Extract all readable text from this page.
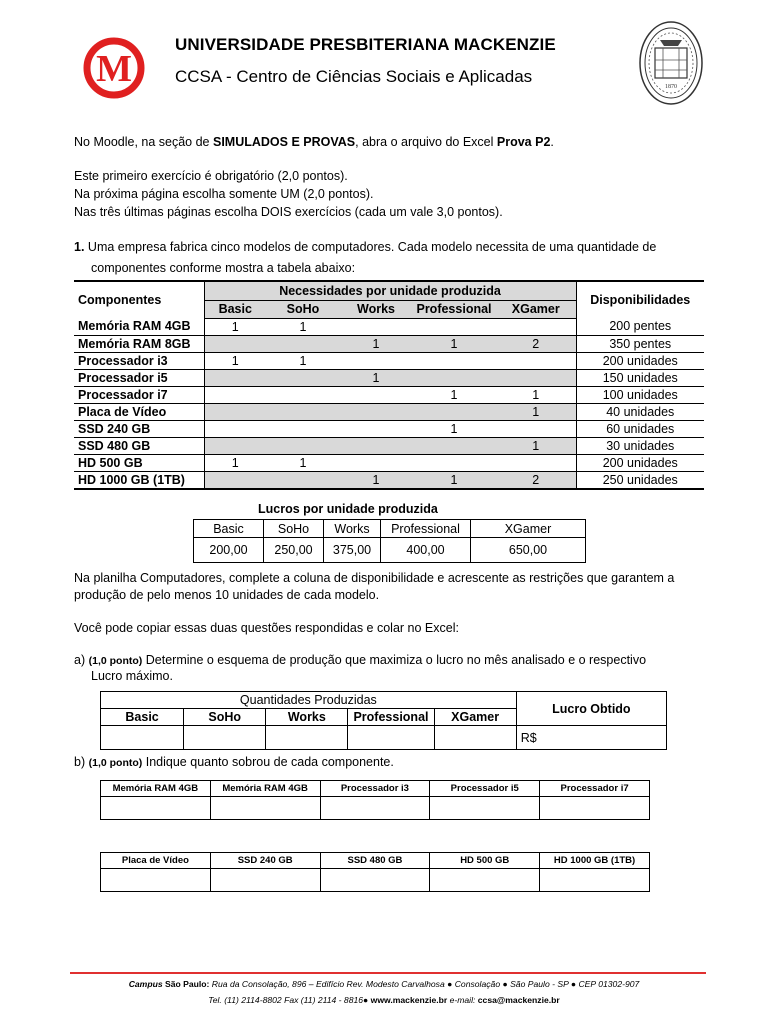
M
UNIVERSIDADE PRESBITERIANA MACKENZIE
CCSA - Centro de Ciências Sociais e Aplicadas
1870
No Moodle, na seção de SIMULADOS E PROVAS, abra o arquivo do Excel Prova P2.
Este primeiro exercício é obrigatório (2,0 pontos).
Na próxima página escolha somente UM (2,0 pontos).
Nas três últimas páginas escolha DOIS exercícios (cada um vale 3,0 pontos).
1. Uma empresa fabrica cinco modelos de computadores. Cada modelo necessita de uma quantidade de
componentes conforme mostra a tabela abaixo:
Componentes	Necessidades por unidade produzida					Disponibilidades
	Basic	SoHo	Works	Professional	XGamer	
Memória RAM 4GB	1	1				200 pentes
Memória RAM 8GB			1	1	2	350 pentes
Processador i3	1	1				200 unidades
Processador i5			1			150 unidades
Processador i7				1	1	100 unidades
Placa de Vídeo					1	40 unidades
SSD 240 GB				1		60 unidades
SSD 480 GB					1	30 unidades
HD 500 GB	1	1				200 unidades
HD 1000 GB (1TB)			1	1	2	250 unidades
Lucros por unidade produzida
Basic	SoHo	Works	Professional	XGamer
200,00	250,00	375,00	400,00	650,00
Na planilha Computadores, complete a coluna de disponibilidade e acrescente as restrições que garantem a
produção de pelo menos 10 unidades de cada modelo.
Você pode copiar essas duas questões respondidas e colar no Excel:
a) (1,0 ponto) Determine o esquema de produção que maximiza o lucro no mês analisado e o respectivo
Lucro máximo.
Quantidades Produzidas					Lucro Obtido
Basic	SoHo	Works	Professional	XGamer	
					R$
b) (1,0 ponto) Indique quanto sobrou de cada componente.
Memória RAM 4GB	Memória RAM 4GB	Processador i3	Processador i5	Processador i7

Placa de Vídeo	SSD 240 GB	SSD 480 GB	HD 500 GB	HD 1000 GB (1TB)

Campus São Paulo: Rua da Consolação, 896 – Edifício Rev. Modesto Carvalhosa ● Consolação ● São Paulo - SP ● CEP 01302-907
Tel. (11) 2114-8802 Fax (11) 2114 - 8816● www.mackenzie.br e-mail: ccsa@mackenzie.br
